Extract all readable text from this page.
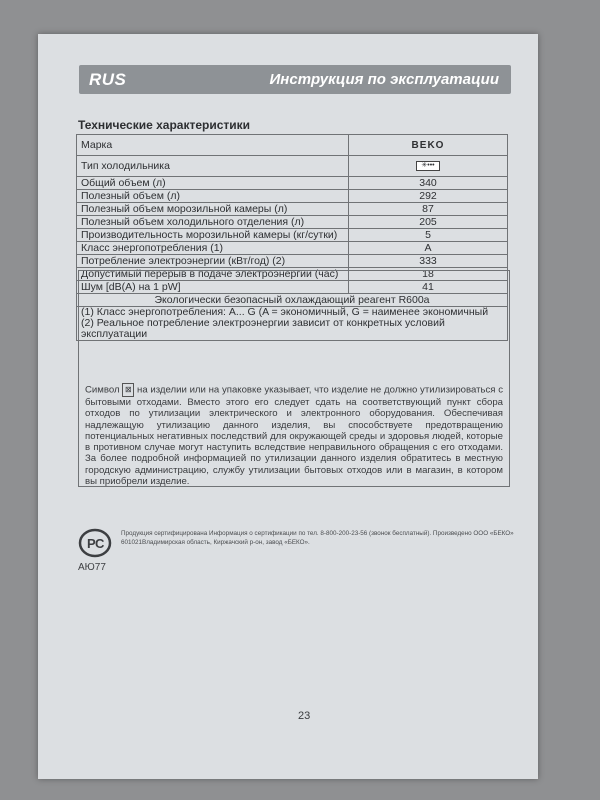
RUS	Инструкция по эксплуатации
Технические характеристики
Марка	BEKO
Тип холодильника	✳•••
Общий объем (л)	340
Полезный объем (л)	292
Полезный объем морозильной камеры (л)	87
Полезный объем холодильного отделения (л)	205
Производительность морозильной камеры (кг/сутки)	5
Класс энергопотребления (1)	A
Потребление электроэнергии (кВт/год) (2)	333
Допустимый перерыв в подаче электроэнергии (час)	18
Шум [dB(A) на 1 pW]	41
Экологически безопасный охлаждающий реагент R600a	

(1) Класс энергопотребления: A... G (A = экономичный, G = наименее экономичный
(2) Реальное потребление электроэнергии зависит от конкретных условий эксплуатации	
Символ ⊠ на изделии или на упаковке указывает, что изделие не должно утилизироваться с бытовыми отходами. Вместо этого его следует сдать на соответствующий пункт сбора отходов по утилизации электрического и электронного оборудования. Обеспечивая надлежащую утилизацию данного изделия, вы способствуете предотвращению потенциальных негативных последствий для окружающей среды и здоровья людей, которые в противном случае могут наступить вследствие неправильного обращения с его отходами. За более подробной информацией по утилизации данного изделия обратитесь в местную городскую администрацию, службу утилизации бытовых отходов или в магазин, в котором вы приобрели изделие.
Р С
АЮ77
Продукция сертифицирована Информация о сертификации по тел. 8-800-200-23-56 (звонок бесплатный). Произведено ООО «БЕКО» 601021Владимирская область, Киржачский р-он, завод «БЕКО».
23
